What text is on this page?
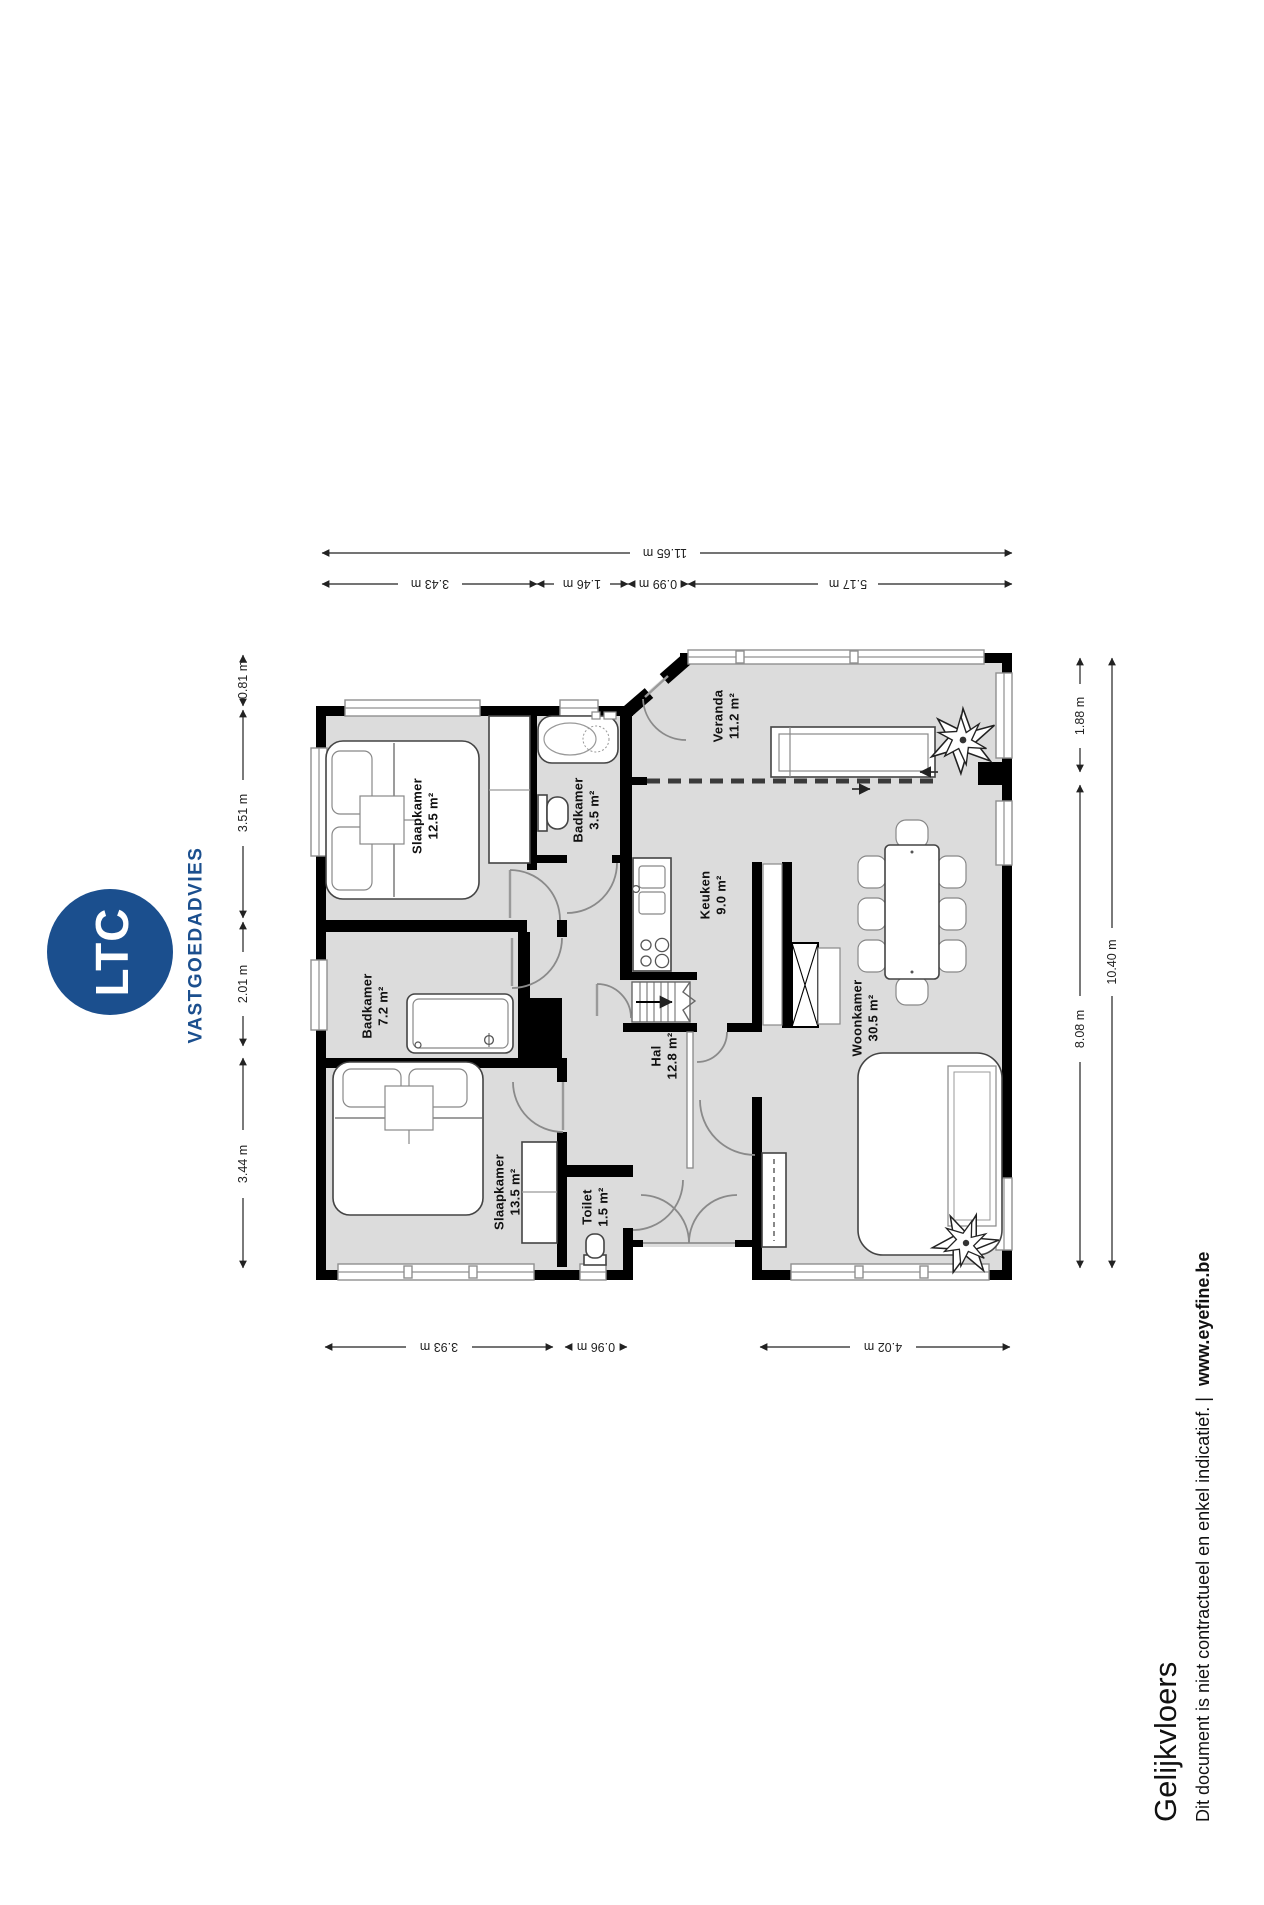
Slaapkamer 12.5 m²	Badkamer 3.5 m²
Veranda 11.2 m²
Keuken 9.0 m²
Badkamer 7.2 m²
Hal 12.8 m²	Woonkamer 30.5 m²
Slaapkamer 13.5 m²	Toilet 1.5 m²
11.65 m
3.43 m	1.46 m	0.99 m	5.17 m
0.81 m
3.51 m
2.01 m
3.44 m
1.88 m
8.08 m
10.40 m
3.93 m	0.96 m	4.02 m
LTC	VASTGOEDADVIES
Gelijkvloers Dit document is niet contractueel en enkel indicatief. |
www.eyefine.be
